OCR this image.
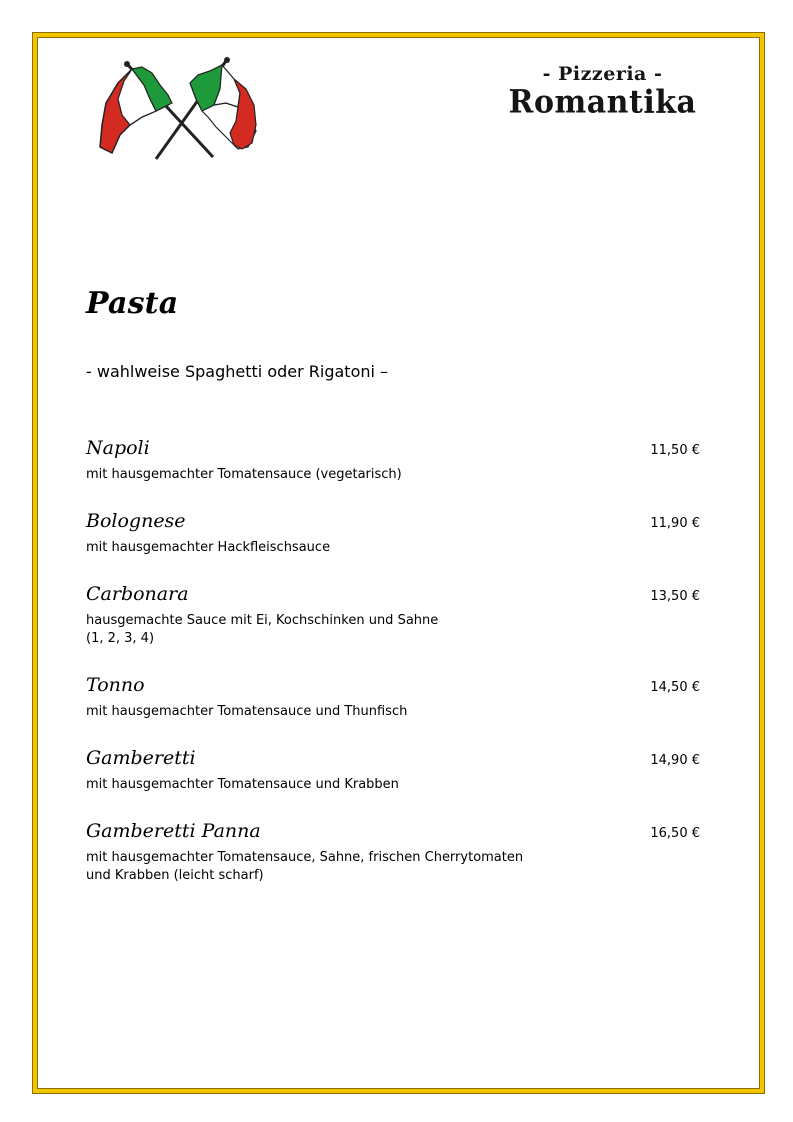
- Pizzeria -
Romantika
Pasta
- wahlweise Spaghetti oder Rigatoni –
Napoli	11,50 €
mit hausgemachter Tomatensauce (vegetarisch)
Bolognese	11,90 €
mit hausgemachter Hackfleischsauce
Carbonara	13,50 €
hausgemachte Sauce mit Ei, Kochschinken und Sahne
(1, 2, 3, 4)
Tonno	14,50 €
mit hausgemachter Tomatensauce und Thunfisch
Gamberetti	14,90 €
mit hausgemachter Tomatensauce und Krabben
Gamberetti Panna	16,50 €
mit hausgemachter Tomatensauce, Sahne, frischen Cherrytomaten
und Krabben (leicht scharf)
